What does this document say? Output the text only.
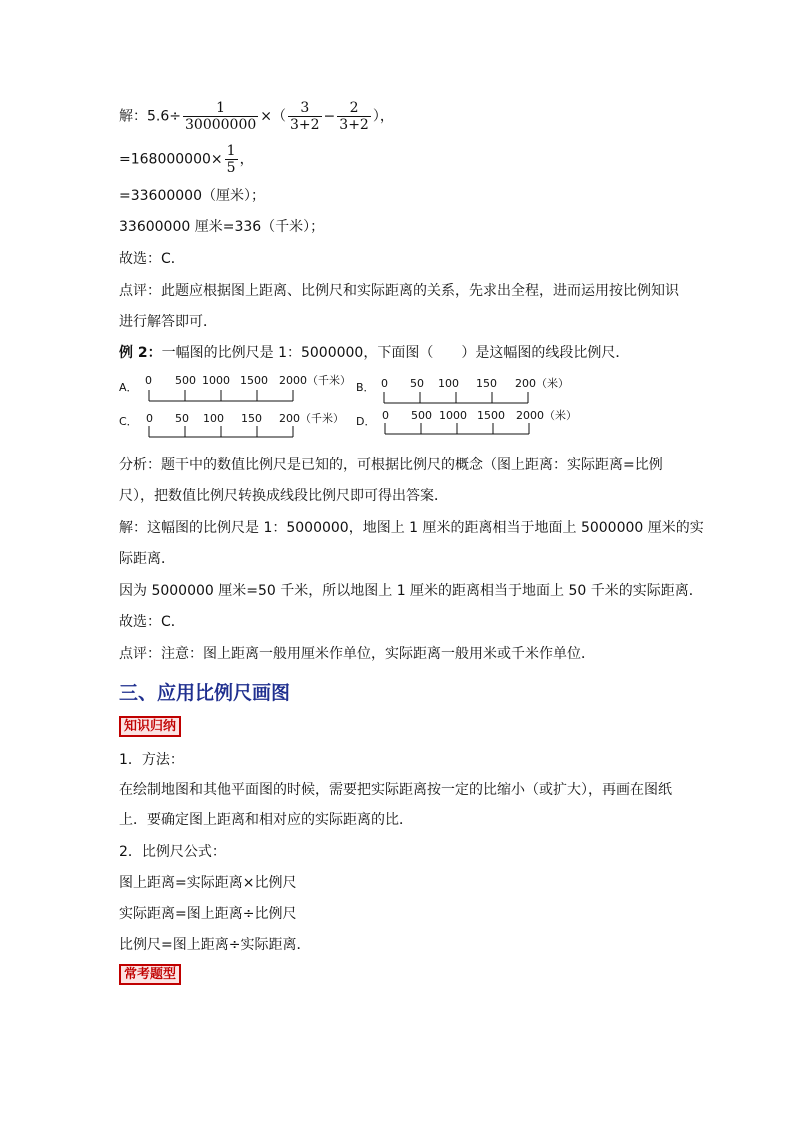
解：$5.6\div \frac{1}{30000000}$ ×（ $\frac{3}{3+2} - \frac{2}{3+2}$ ），
$=168000000\times \frac{1}{5}$ ，
=33600000（厘米）；
33600000 厘米=336（千米）；
故选：C．
点评：此题应根据图上距离、比例尺和实际距离的关系，先求出全程，进而运用按比例知识
进行解答即可．
例 2：一幅图的比例尺是 1：5000000，下面图（　　）是这幅图的线段比例尺．
A．
0 500 1000 1500 2000（千米）
B． 0 50 100 150 200（米）
C． 0 50 100 150 200（千米） D． 0 500 1000 1500 2000（米）
分析：题干中的数值比例尺是已知的，可根据比例尺的概念（图上距离：实际距离=比例
尺），把数值比例尺转换成线段比例尺即可得出答案．
解：这幅图的比例尺是 1：5000000，地图上 1 厘米的距离相当于地面上 5000000 厘米的实
际距离．
因为 5000000 厘米=50 千米，所以地图上 1 厘米的距离相当于地面上 50 千米的实际距离．
故选：C．
点评：注意：图上距离一般用厘米作单位，实际距离一般用米或千米作单位．
三、应用比例尺画图
知识归纳
1．方法：
在绘制地图和其他平面图的时候，需要把实际距离按一定的比缩小（或扩大），再画在图纸
上．要确定图上距离和相对应的实际距离的比．
2．比例尺公式：
图上距离=实际距离×比例尺
实际距离=图上距离÷比例尺
比例尺=图上距离÷实际距离．
常考题型
